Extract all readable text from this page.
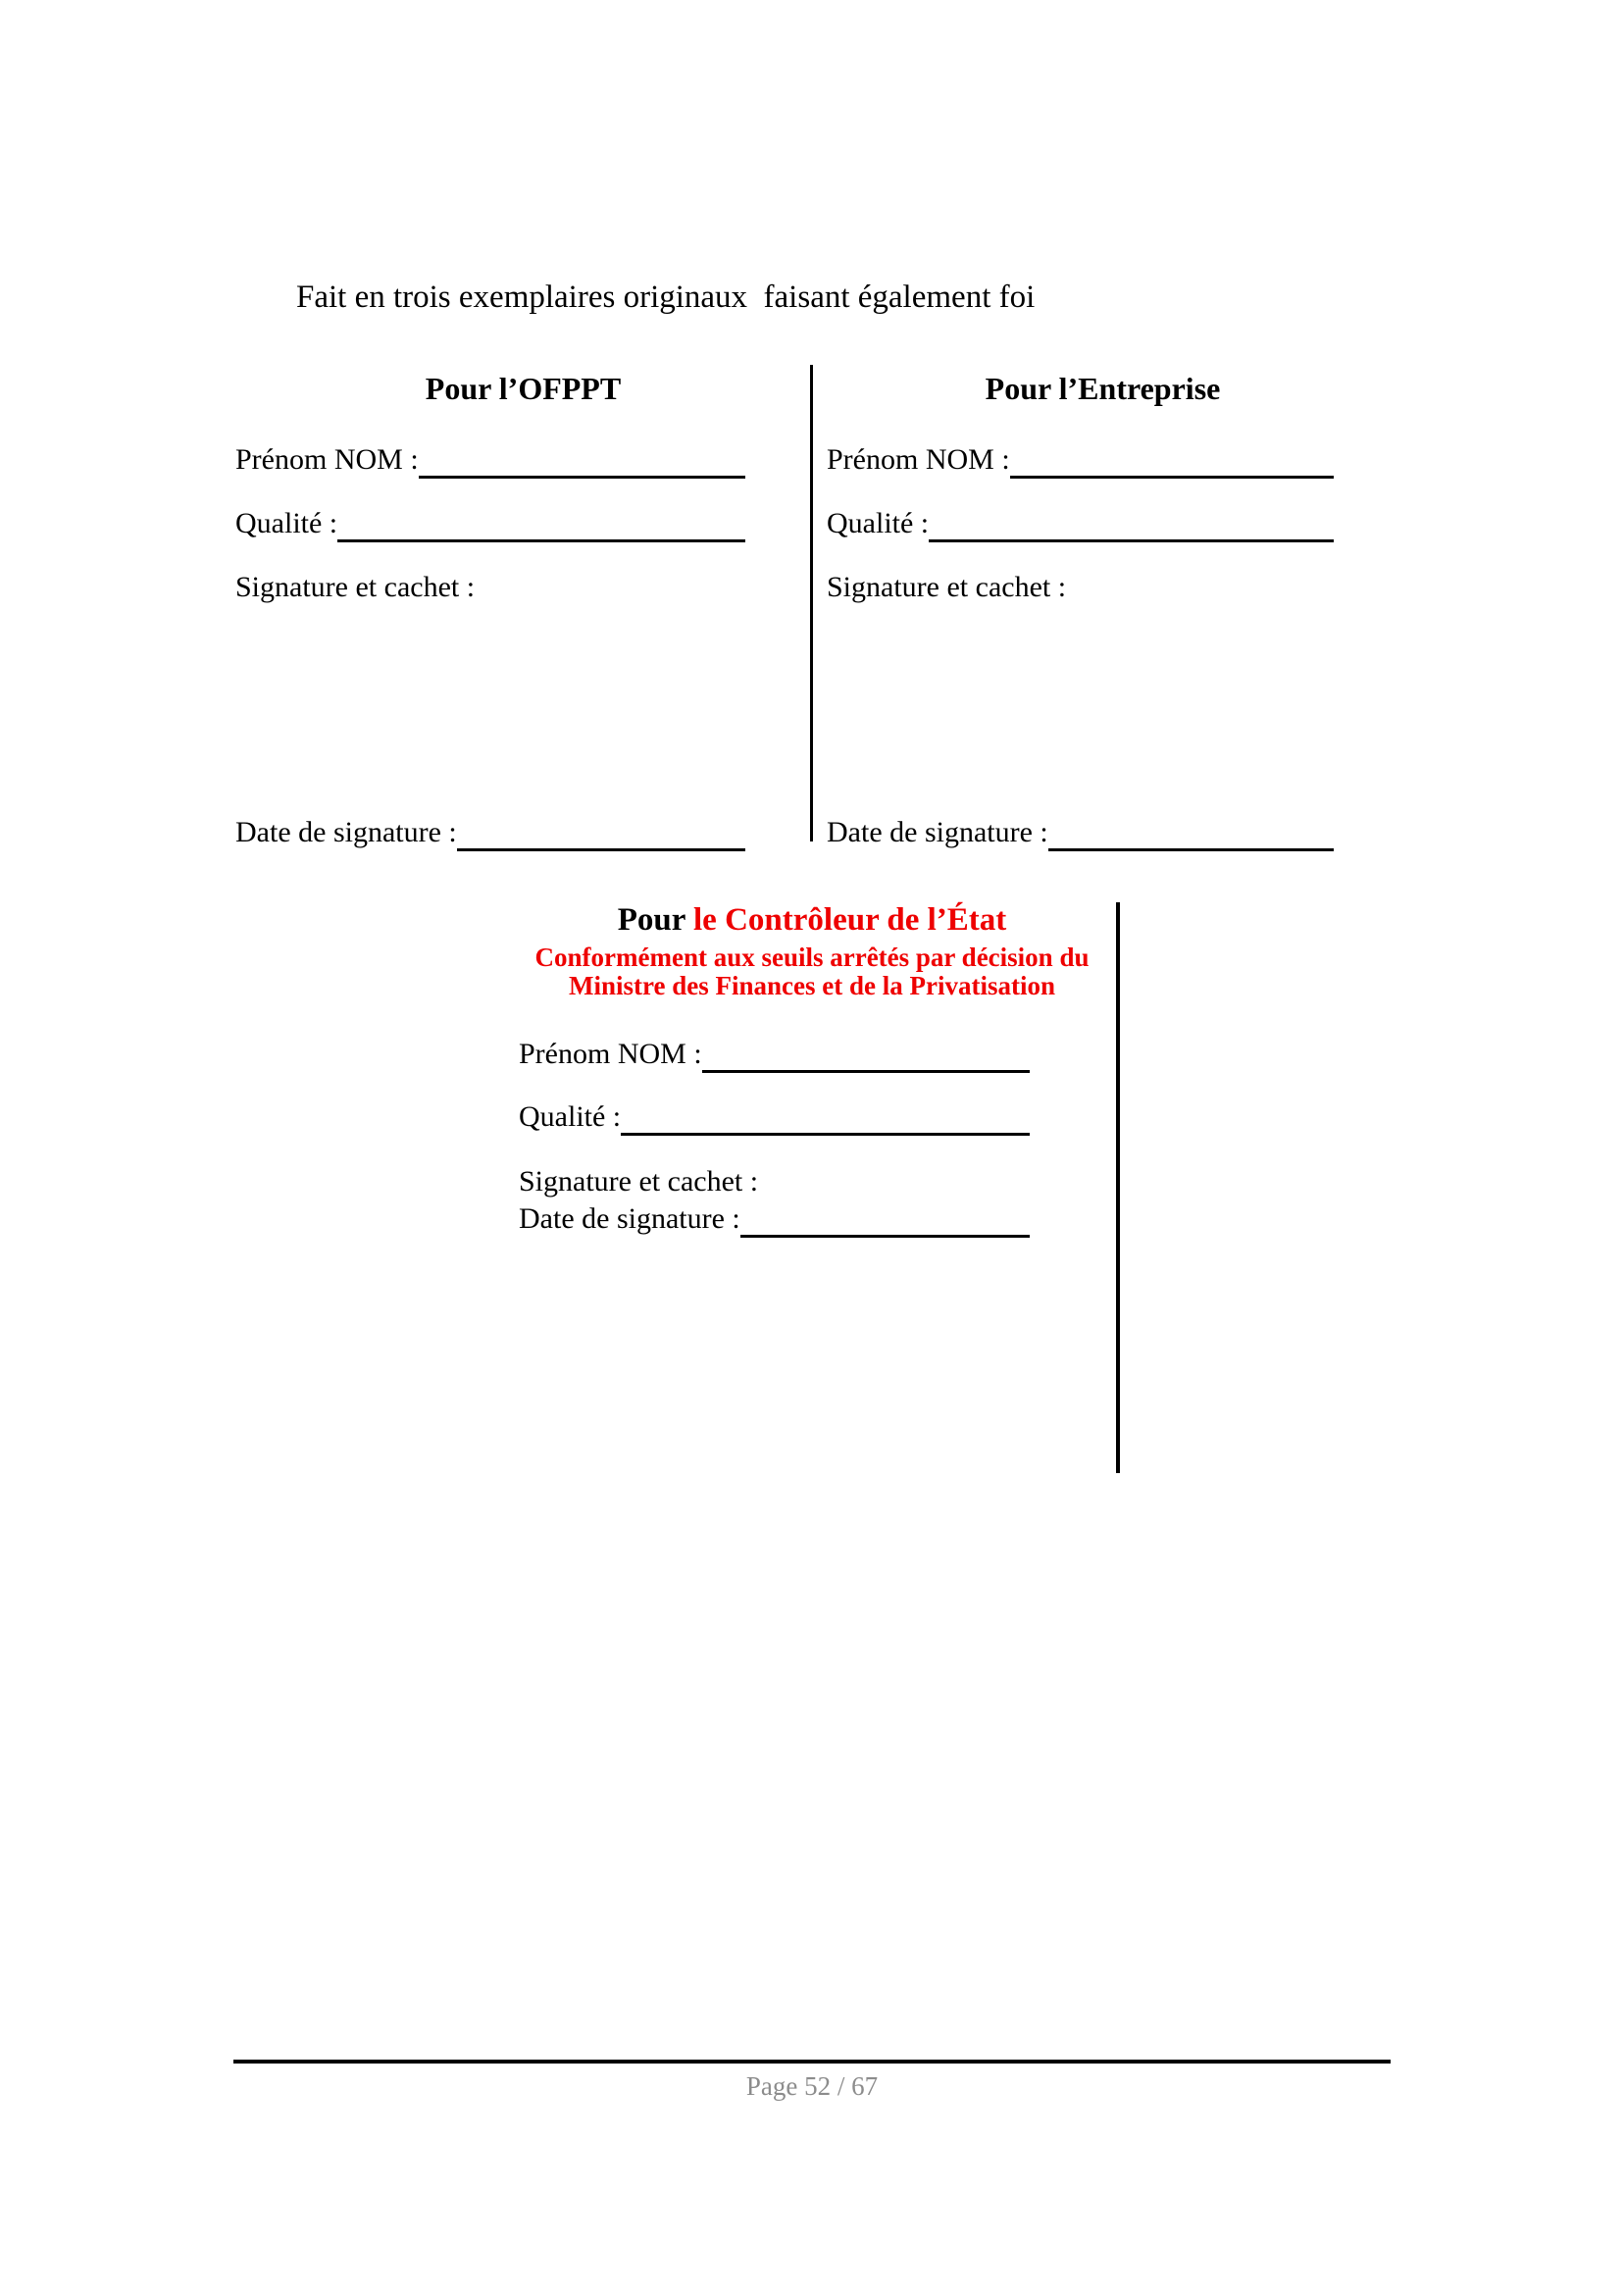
Fait en trois exemplaires originaux  faisant également foi
Pour l’OFPPT	Pour l’Entreprise
Prénom NOM :
Qualité :
Signature et cachet :
Date de signature :
Prénom NOM :
Qualité :
Signature et cachet :
Date de signature :
Pour le Contrôleur de l’État
Conformément aux seuils arrêtés par décision du
Ministre des Finances et de la Privatisation
Prénom NOM :
Qualité :
Signature et cachet :
Date de signature :
Page 52 / 67
